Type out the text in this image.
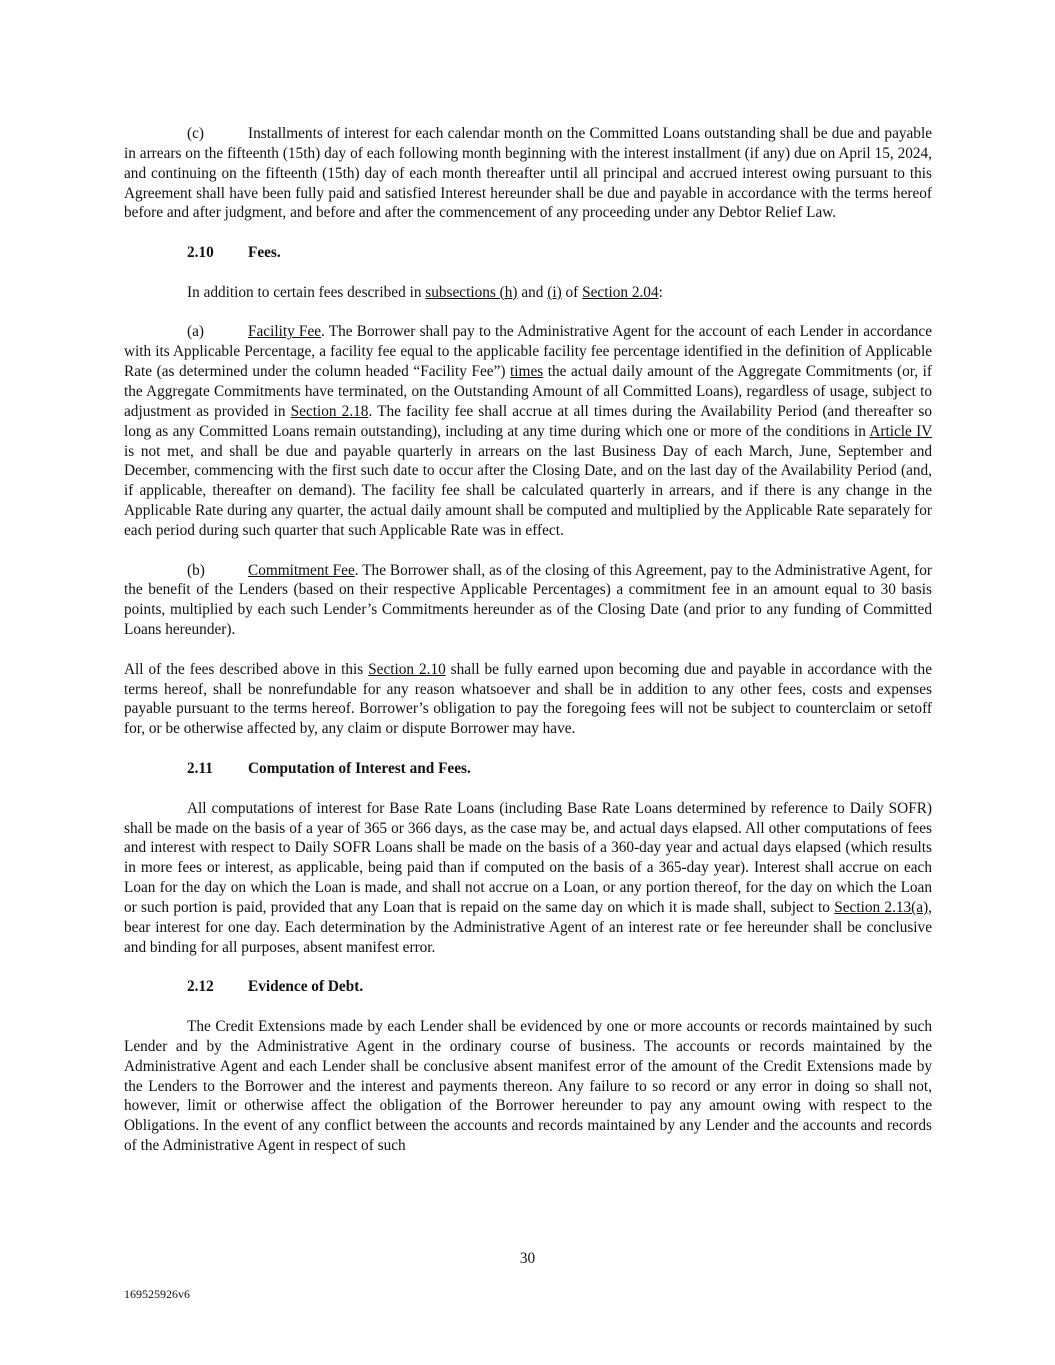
(c)	Installments of interest for each calendar month on the Committed Loans outstanding shall be due and payable in arrears on the fifteenth (15th) day of each following month beginning with the interest installment (if any) due on April 15, 2024, and continuing on the fifteenth (15th) day of each month thereafter until all principal and accrued interest owing pursuant to this Agreement shall have been fully paid and satisfied Interest hereunder shall be due and payable in accordance with the terms hereof before and after judgment, and before and after the commencement of any proceeding under any Debtor Relief Law.

2.10 Fees.

In addition to certain fees described in subsections (h) and (i) of Section 2.04:

(a)	Facility Fee. The Borrower shall pay to the Administrative Agent for the account of each Lender in accordance with its Applicable Percentage, a facility fee equal to the applicable facility fee percentage identified in the definition of Applicable Rate (as determined under the column headed “Facility Fee”) times the actual daily amount of the Aggregate Commitments (or, if the Aggregate Commitments have terminated, on the Outstanding Amount of all Committed Loans), regardless of usage, subject to adjustment as provided in Section 2.18. The facility fee shall accrue at all times during the Availability Period (and thereafter so long as any Committed Loans remain outstanding), including at any time during which one or more of the conditions in Article IV is not met, and shall be due and payable quarterly in arrears on the last Business Day of each March, June, September and December, commencing with the first such date to occur after the Closing Date, and on the last day of the Availability Period (and, if applicable, thereafter on demand). The facility fee shall be calculated quarterly in arrears, and if there is any change in the Applicable Rate during any quarter, the actual daily amount shall be computed and multiplied by the Applicable Rate separately for each period during such quarter that such Applicable Rate was in effect.

(b)	Commitment Fee. The Borrower shall, as of the closing of this Agreement, pay to the Administrative Agent, for the benefit of the Lenders (based on their respective Applicable Percentages) a commitment fee in an amount equal to 30 basis points, multiplied by each such Lender’s Commitments hereunder as of the Closing Date (and prior to any funding of Committed Loans hereunder).

All of the fees described above in this Section 2.10 shall be fully earned upon becoming due and payable in accordance with the terms hereof, shall be nonrefundable for any reason whatsoever and shall be in addition to any other fees, costs and expenses payable pursuant to the terms hereof. Borrower’s obligation to pay the foregoing fees will not be subject to counterclaim or setoff for, or be otherwise affected by, any claim or dispute Borrower may have.

2.11 Computation of Interest and Fees.

All computations of interest for Base Rate Loans (including Base Rate Loans determined by reference to Daily SOFR) shall be made on the basis of a year of 365 or 366 days, as the case may be, and actual days elapsed. All other computations of fees and interest with respect to Daily SOFR Loans shall be made on the basis of a 360-day year and actual days elapsed (which results in more fees or interest, as applicable, being paid than if computed on the basis of a 365-day year). Interest shall accrue on each Loan for the day on which the Loan is made, and shall not accrue on a Loan, or any portion thereof, for the day on which the Loan or such portion is paid, provided that any Loan that is repaid on the same day on which it is made shall, subject to Section 2.13(a), bear interest for one day. Each determination by the Administrative Agent of an interest rate or fee hereunder shall be conclusive and binding for all purposes, absent manifest error.

2.12 Evidence of Debt.

The Credit Extensions made by each Lender shall be evidenced by one or more accounts or records maintained by such Lender and by the Administrative Agent in the ordinary course of business. The accounts or records maintained by the Administrative Agent and each Lender shall be conclusive absent manifest error of the amount of the Credit Extensions made by the Lenders to the Borrower and the interest and payments thereon. Any failure to so record or any error in doing so shall not, however, limit or otherwise affect the obligation of the Borrower hereunder to pay any amount owing with respect to the Obligations. In the event of any conflict between the accounts and records maintained by any Lender and the accounts and records of the Administrative Agent in respect of such

30
169525926v6
